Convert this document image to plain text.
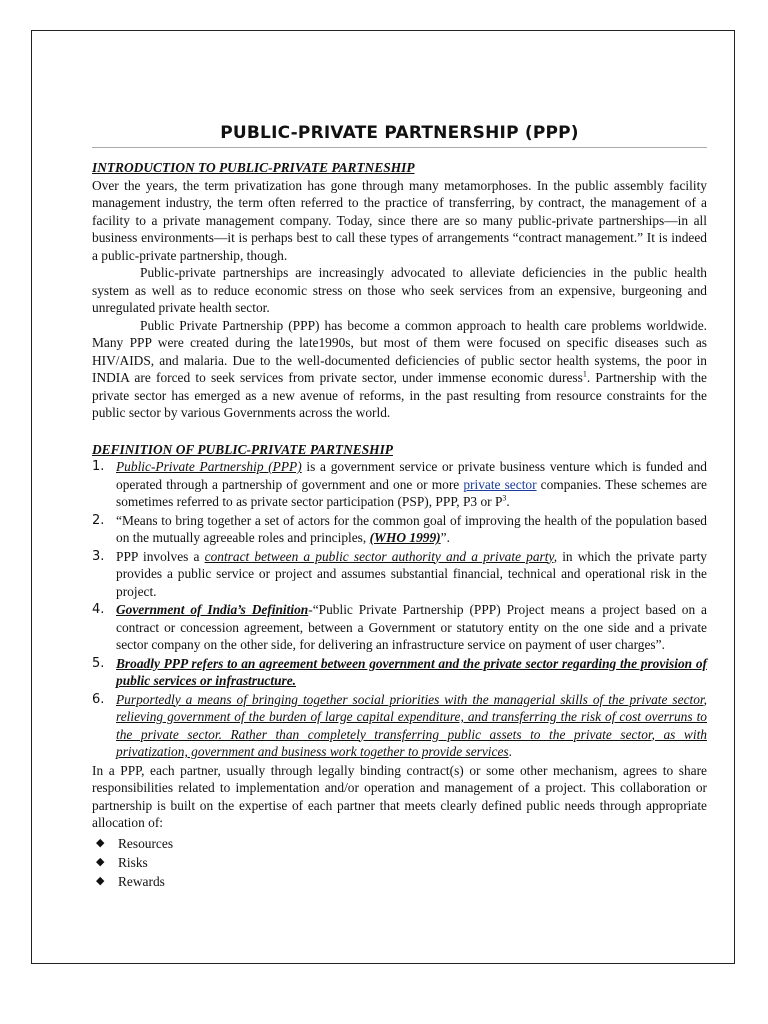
PUBLIC-PRIVATE PARTNERSHIP (PPP)
INTRODUCTION TO PUBLIC-PRIVATE PARTNESHIP

Over the years, the term privatization has gone through many metamorphoses. In the public assembly facility management industry, the term often referred to the practice of transferring, by contract, the management of a facility to a private management company. Today, since there are so many public-private partnerships—in all business environments—it is perhaps best to call these types of arrangements “contract management.” It is indeed a public-private partnership, though.

Public-private partnerships are increasingly advocated to alleviate deficiencies in the public health system as well as to reduce economic stress on those who seek services from an expensive, burgeoning and unregulated private health sector.

Public Private Partnership (PPP) has become a common approach to health care problems worldwide. Many PPP were created during the late1990s, but most of them were focused on specific diseases such as HIV/AIDS, and malaria. Due to the well-documented deficiencies of public sector health systems, the poor in INDIA are forced to seek services from private sector, under immense economic duress$^1$. Partnership with the private sector has emerged as a new avenue of reforms, in the past resulting from resource constraints for the public sector by various Governments across the world.

DEFINITION OF PUBLIC-PRIVATE PARTNESHIP
1. Public-Private Partnership (PPP) is a government service or private business venture which is funded and operated through a partnership of government and one or more private sector companies. These schemes are sometimes referred to as private sector participation (PSP), PPP, P3 or $P^3$.
2. “Means to bring together a set of actors for the common goal of improving the health of the population based on the mutually agreeable roles and principles, (WHO 1999)”.
3. PPP involves a contract between a public sector authority and a private party, in which the private party provides a public service or project and assumes substantial financial, technical and operational risk in the project.
4. Government of India’s Definition-“Public Private Partnership (PPP) Project means a project based on a contract or concession agreement, between a Government or statutory entity on the one side and a private sector company on the other side, for delivering an infrastructure service on payment of user charges”.
5. Broadly PPP refers to an agreement between government and the private sector regarding the provision of public services or infrastructure.
6. Purportedly a means of bringing together social priorities with the managerial skills of the private sector, relieving government of the burden of large capital expenditure, and transferring the risk of cost overruns to the private sector. Rather than completely transferring public assets to the private sector, as with privatization, government and business work together to provide services.

In a PPP, each partner, usually through legally binding contract(s) or some other mechanism, agrees to share responsibilities related to implementation and/or operation and management of a project. This collaboration or partnership is built on the expertise of each partner that meets clearly defined public needs through appropriate allocation of:

◆ Resources
◆ Risks
◆ Rewards
